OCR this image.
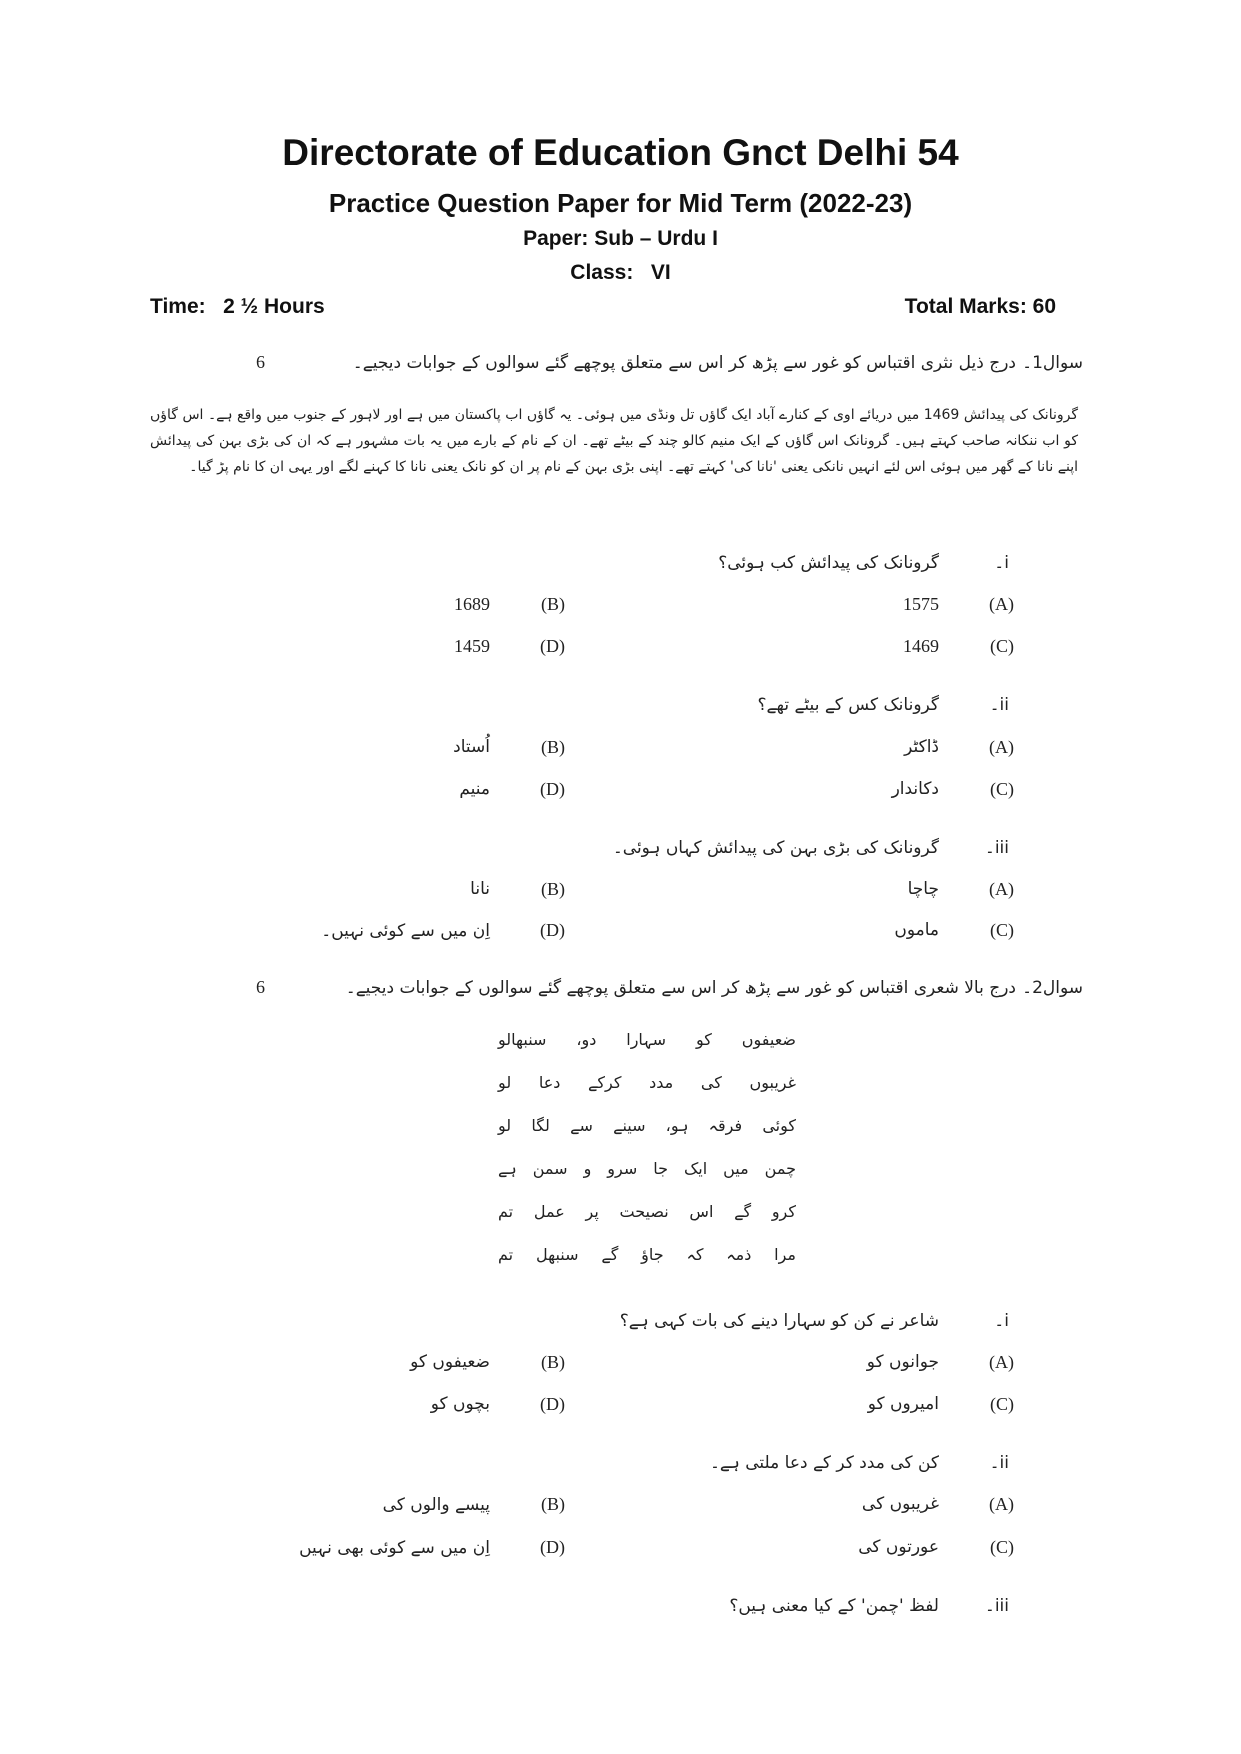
Directorate of Education Gnct Delhi 54
Practice Question Paper for Mid Term (2022-23)
Paper: Sub – Urdu I
Class:   VI
Time:   2 ½ Hours	Total Marks: 60
سوال1۔
درج ذیل نثری اقتباس کو غور سے پڑھ کر اس سے متعلق پوچھے گئے سوالوں کے جوابات دیجیے۔
6
گرونانک کی پیدائش 1469 میں دریائے اوی کے کنارے آباد ایک گاؤں تل ونڈی میں ہوئی۔ یہ گاؤں اب پاکستان میں ہے اور لاہور کے جنوب میں واقع ہے۔ اس گاؤں کو اب ننکانہ صاحب کہتے ہیں۔ گرونانک اس گاؤں کے ایک منیم کالو چند کے بیٹے تھے۔ ان کے نام کے بارے میں یہ بات مشہور ہے کہ ان کی بڑی بہن کی پیدائش اپنے نانا کے گھر میں ہوئی اس لئے انہیں نانکی یعنی 'نانا کی' کہتے تھے۔ اپنی بڑی بہن کے نام پر ان کو نانک یعنی نانا کا کہنے لگے اور یہی ان کا نام پڑ گیا۔
i۔
گرونانک کی پیدائش کب ہوئی؟
(A)
1575
(B)
1689
(C)
1469
(D)
1459
ii۔
گرونانک کس کے بیٹے تھے؟
(A)
ڈاکٹر
(B)
اُستاد
(C)
دکاندار
(D)
منیم
iii۔
گرونانک کی بڑی بہن کی پیدائش کہاں ہوئی۔
(A)
چاچا
(B)
نانا
(C)
ماموں
(D)
اِن میں سے کوئی نہیں۔
سوال2۔
درج بالا شعری اقتباس کو غور سے پڑھ کر اس سے متعلق پوچھے گئے سوالوں کے جوابات دیجیے۔
6
ضعیفوں
کو
سہارا
دو،
سنبھالو
غریبوں
کی
مدد
کرکے
دعا
لو
کوئی
فرقہ
ہو،
سینے
سے
لگا
لو
چمن
میں
ایک
جا
سرو
و
سمن
ہے
کرو
گے
اس
نصیحت
پر
عمل
تم
مرا
ذمہ
کہ
جاؤ
گے
سنبھل
تم
i۔
شاعر نے کن کو سہارا دینے کی بات کہی ہے؟
(A)
جوانوں کو
(B)
ضعیفوں کو
(C)
امیروں کو
(D)
بچوں کو
ii۔
کن کی مدد کر کے دعا ملتی ہے۔
(A)
غریبوں کی
(B)
پیسے والوں کی
(C)
عورتوں کی
(D)
اِن میں سے کوئی بھی نہیں
iii۔
لفظ 'چمن' کے کیا معنی ہیں؟
